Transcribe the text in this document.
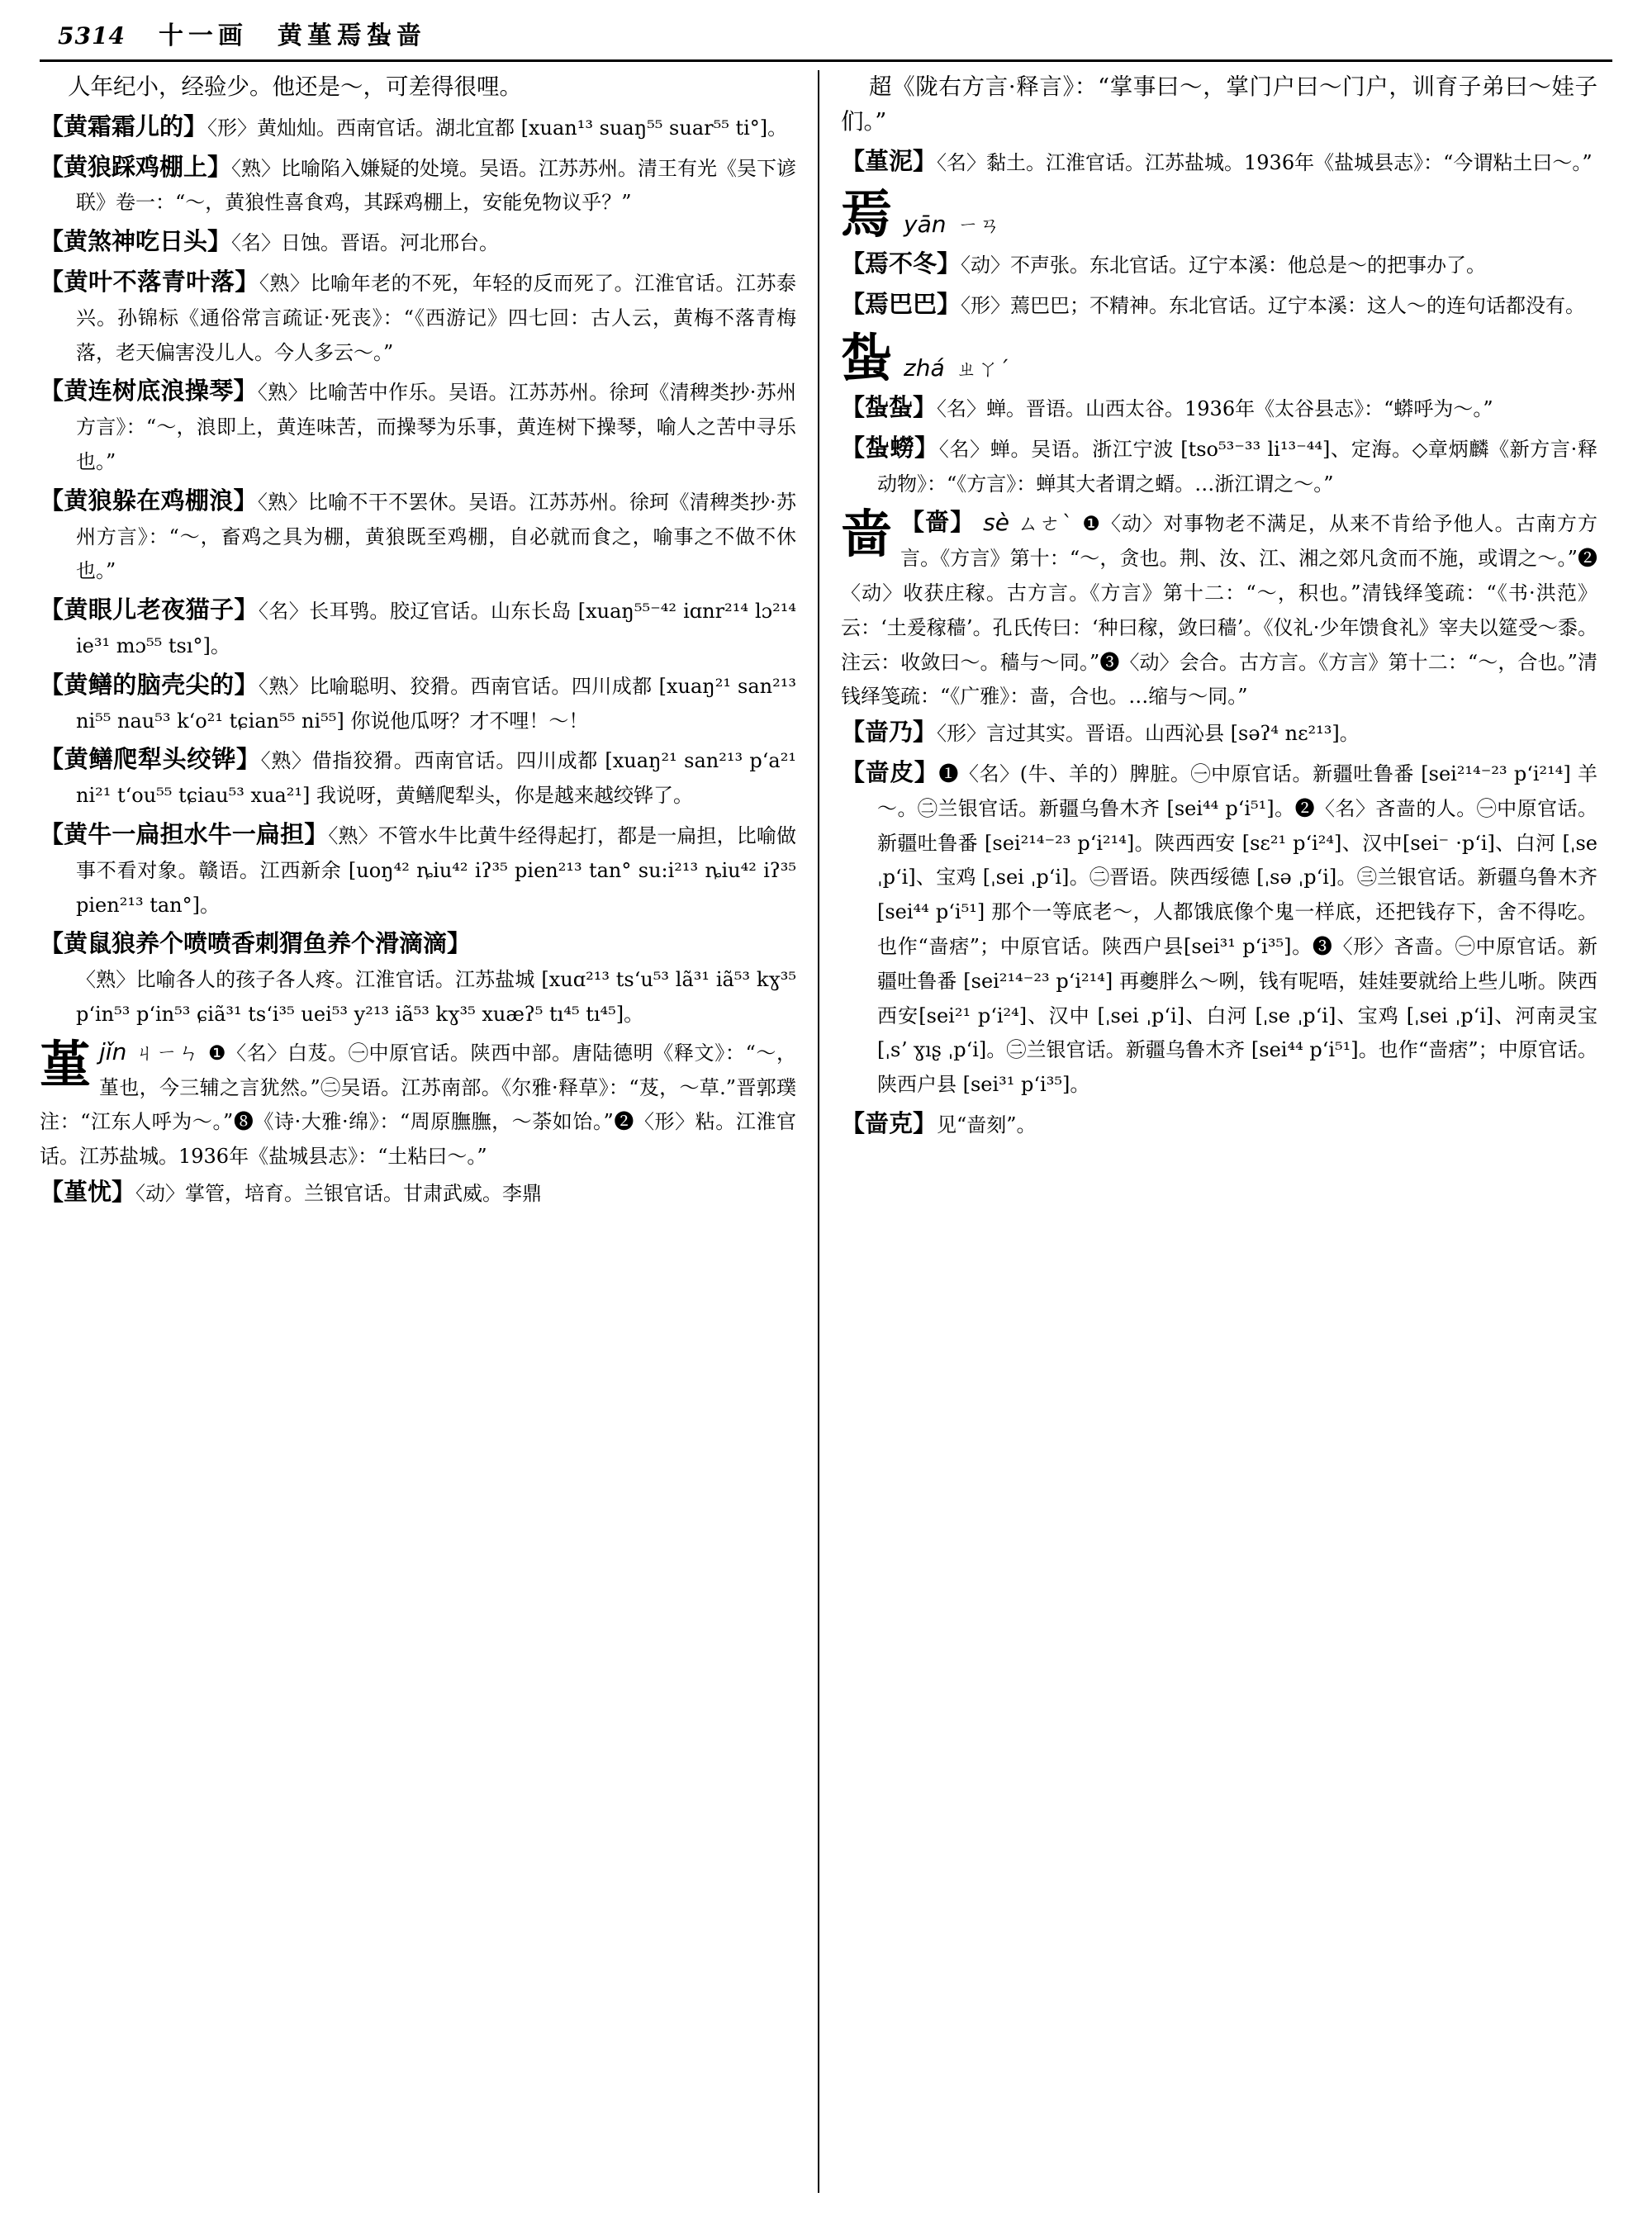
5314 十一画　黄堇焉蚻啬
人年纪小，经验少。他还是～，可差得很哩。
【黄霜霜儿的】〈形〉黄灿灿。西南官话。湖北宜都 [xuan¹³ suaŋ⁵⁵ suar⁵⁵ ti°]。
【黄狼踩鸡棚上】〈熟〉比喻陷入嫌疑的处境。吴语。江苏苏州。清王有光《吴下谚联》卷一：“～，黄狼性喜食鸡，其踩鸡棚上，安能免物议乎？”
【黄煞神吃日头】〈名〉日蚀。晋语。河北邢台。
【黄叶不落青叶落】〈熟〉比喻年老的不死，年轻的反而死了。江淮官话。江苏泰兴。孙锦标《通俗常言疏证·死丧》：“《西游记》四七回：古人云，黄梅不落青梅落，老天偏害没儿人。今人多云～。”
【黄连树底浪操琴】〈熟〉比喻苦中作乐。吴语。江苏苏州。徐珂《清稗类抄·苏州方言》：“～，浪即上，黄连味苦，而操琴为乐事，黄连树下操琴，喻人之苦中寻乐也。”
【黄狼躲在鸡棚浪】〈熟〉比喻不干不罢休。吴语。江苏苏州。徐珂《清稗类抄·苏州方言》：“～，畜鸡之具为棚，黄狼既至鸡棚，自必就而食之，喻事之不做不休也。”
【黄眼儿老夜猫子】〈名〉长耳鸮。胶辽官话。山东长岛 [xuaŋ⁵⁵⁻⁴² iɑnr²¹⁴ lɔ²¹⁴ ie³¹ mɔ⁵⁵ tsı°]。
【黄鳝的脑壳尖的】〈熟〉比喻聪明、狡猾。西南官话。四川成都 [xuaŋ²¹ san²¹³ ni⁵⁵ nau⁵³ kʻo²¹ tɕian⁵⁵ ni⁵⁵] 你说他瓜呀？才不哩！～！
【黄鳝爬犁头绞铧】〈熟〉借指狡猾。西南官话。四川成都 [xuaŋ²¹ san²¹³ pʻa²¹ ni²¹ tʻou⁵⁵ tɕiau⁵³ xua²¹] 我说呀，黄鳝爬犁头，你是越来越绞铧了。
【黄牛一扁担水牛一扁担】〈熟〉不管水牛比黄牛经得起打，都是一扁担，比喻做事不看对象。赣语。江西新余 [uoŋ⁴² ȵiu⁴² iʔ³⁵ pien²¹³ tan° su:i²¹³ ȵiu⁴² iʔ³⁵ pien²¹³ tan°]。
【黄鼠狼养个喷喷香刺猬鱼养个滑滴滴】
〈熟〉比喻各人的孩子各人疼。江淮官话。江苏盐城 [xuɑ²¹³ tsʻu⁵³ lã³¹ iã⁵³ kɣ³⁵ pʻin⁵³ pʻin⁵³ ɕiã³¹ tsʻi³⁵ uei⁵³ y²¹³ iã⁵³ kɣ³⁵ xuæʔ⁵ tı⁴⁵ tı⁴⁵]。
堇jǐn ㄐㄧㄣ ❶〈名〉白芨。㊀中原官话。陕西中部。唐陆德明《释文》：“～，堇也，今三辅之言犹然。”㊁吴语。江苏南部。《尔雅·释草》：“芨，～草.”晋郭璞注：“江东人呼为～。”❽《诗·大雅·绵》：“周原膴膴，～荼如饴。”❷〈形〉粘。江淮官话。江苏盐城。1936年《盐城县志》：“土粘曰～。”
【堇忧】〈动〉掌管，培育。兰银官话。甘肃武威。李鼎
超《陇右方言·释言》：“掌事曰～，掌门户曰～门户，训育子弟曰～娃子们。”
【堇泥】〈名〉黏土。江淮官话。江苏盐城。1936年《盐城县志》：“今谓粘土曰～。”
焉 yān ㄧㄢ
【焉不冬】〈动〉不声张。东北官话。辽宁本溪：他总是～的把事办了。
【焉巴巴】〈形〉蔫巴巴；不精神。东北官话。辽宁本溪：这人～的连句话都没有。
蚻 zhá ㄓㄚˊ
【蚻蚻】〈名〉蝉。晋语。山西太谷。1936年《太谷县志》：“蟒呼为～。”
【蚻蟧】〈名〉蝉。吴语。浙江宁波 [tso⁵³⁻³³ li¹³⁻⁴⁴]、定海。◇章炳麟《新方言·释动物》：“《方言》：蝉其大者谓之蝑。…浙江谓之～。”
啬 【嗇】 sè ㄙㄜˋ ❶〈动〉对事物老不满足，从来不肯给予他人。古南方方言。《方言》第十：“～，贪也。荆、汝、江、湘之郊凡贪而不施，或谓之～。”❷〈动〉收获庄稼。古方言。《方言》第十二：“～，积也。”清钱绎笺疏：“《书·洪范》云：‘土爰稼穑’。孔氏传曰：‘种曰稼，敛曰穑’。《仪礼·少年馈食礼》宰夫以筵受～黍。注云：收敛曰～。穑与～同。”❸〈动〉会合。古方言。《方言》第十二：“～，合也。”清钱绎笺疏：“《广雅》：啬，合也。…缩与～同。”
【啬乃】〈形〉言过其实。晋语。山西沁县 [səʔ⁴ nɛ²¹³]。
【啬皮】❶〈名〉(牛、羊的）脾脏。㊀中原官话。新疆吐鲁番 [sei²¹⁴⁻²³ pʻi²¹⁴] 羊～。㊁兰银官话。新疆乌鲁木齐 [sei⁴⁴ pʻi⁵¹]。❷〈名〉吝啬的人。㊀中原官话。新疆吐鲁番 [sei²¹⁴⁻²³ pʻi²¹⁴]。陕西西安 [sɛ²¹ pʻi²⁴]、汉中[sei⁻ ·pʻi]、白河 [ˌse ˌpʻi]、宝鸡 [ˌsei ˌpʻi]。㊁晋语。陕西绥德 [ˌsə ˌpʻi]。㊂兰银官话。新疆乌鲁木齐 [sei⁴⁴ pʻi⁵¹] 那个一等底老～，人都饿底像个鬼一样底，还把钱存下，舍不得吃。也作“啬痞”；中原官话。陕西户县[sei³¹ pʻi³⁵]。❸〈形〉吝啬。㊀中原官话。新疆吐鲁番 [sei²¹⁴⁻²³ pʻi²¹⁴] 再夔胖么～咧，钱有呢唔，娃娃要就给上些儿哳。陕西西安[sei²¹ pʻi²⁴]、汉中 [ˌsei ˌpʻi]、白河 [ˌse ˌpʻi]、宝鸡 [ˌsei ˌpʻi]、河南灵宝 [ˌsʼ ɣıʂ ˌpʻi]。㊁兰银官话。新疆乌鲁木齐 [sei⁴⁴ pʻi⁵¹]。也作“啬痞”；中原官话。陕西户县 [sei³¹ pʻi³⁵]。
【啬克】见“啬刻”。
